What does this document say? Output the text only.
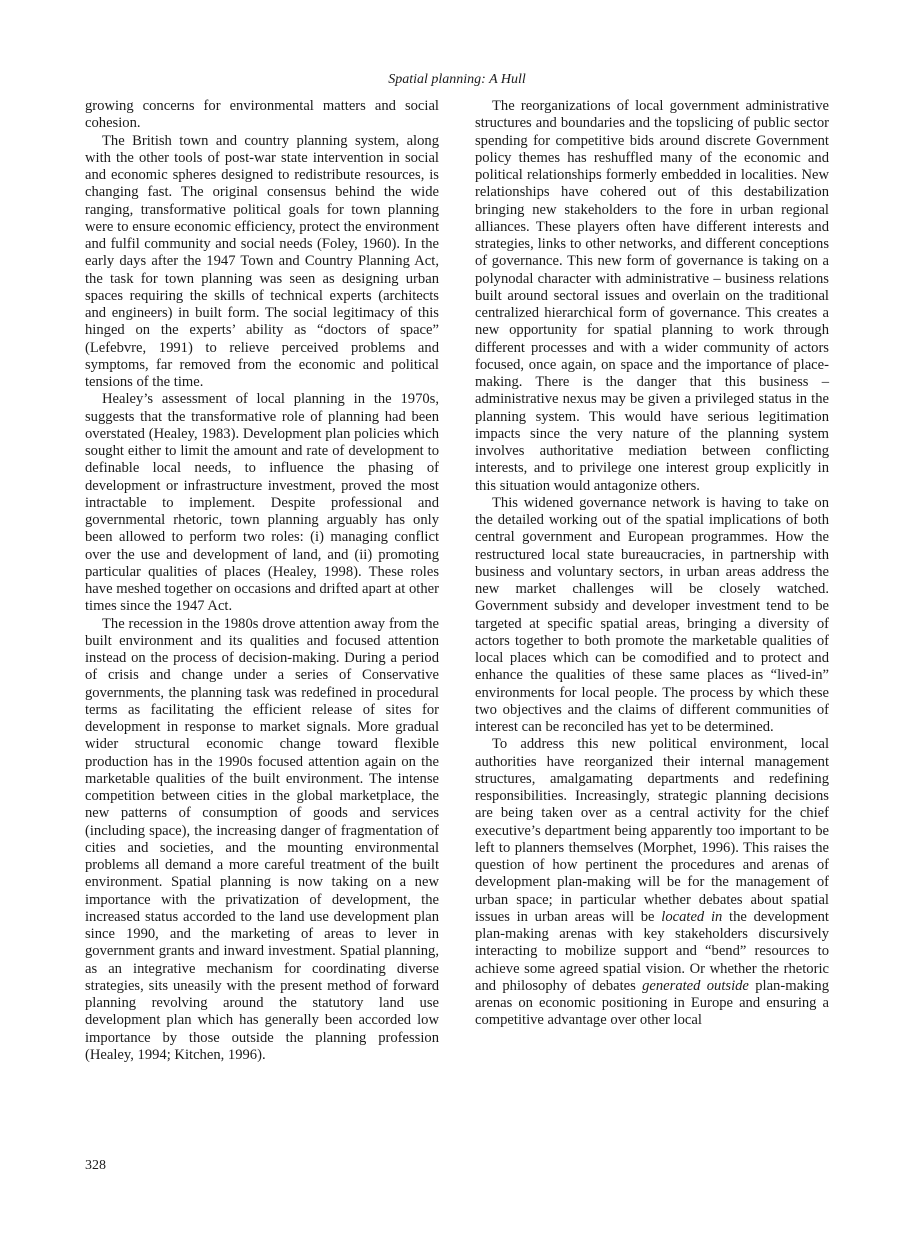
Spatial planning: A Hull

growing concerns for environmental matters and social cohesion.

The British town and country planning system, along with the other tools of post-war state intervention in social and economic spheres designed to redistribute resources, is changing fast. The original consensus behind the wide ranging, transformative political goals for town planning were to ensure economic efficiency, protect the environment and fulfil community and social needs (Foley, 1960). In the early days after the 1947 Town and Country Planning Act, the task for town planning was seen as designing urban spaces requiring the skills of technical experts (architects and engineers) in built form. The social legitimacy of this hinged on the experts’ ability as “doctors of space” (Lefebvre, 1991) to relieve perceived problems and symptoms, far removed from the economic and political tensions of the time.

Healey’s assessment of local planning in the 1970s, suggests that the transformative role of planning had been overstated (Healey, 1983). Development plan policies which sought either to limit the amount and rate of development to definable local needs, to influence the phasing of development or infrastructure investment, proved the most intractable to implement. Despite professional and governmental rhetoric, town planning arguably has only been allowed to perform two roles: (i) managing conflict over the use and development of land, and (ii) promoting particular qualities of places (Healey, 1998). These roles have meshed together on occasions and drifted apart at other times since the 1947 Act.

The recession in the 1980s drove attention away from the built environment and its qualities and focused attention instead on the process of decision-making. During a period of crisis and change under a series of Conservative governments, the planning task was redefined in procedural terms as facilitating the efficient release of sites for development in response to market signals. More gradual wider structural economic change toward flexible production has in the 1990s focused attention again on the marketable qualities of the built environment. The intense competition between cities in the global marketplace, the new patterns of consumption of goods and services (including space), the increasing danger of fragmentation of cities and societies, and the mounting environmental problems all demand a more careful treatment of the built environment. Spatial planning is now taking on a new importance with the privatization of development, the increased status accorded to the land use development plan since 1990, and the marketing of areas to lever in government grants and inward investment. Spatial planning, as an integrative mechanism for coordinating diverse strategies, sits uneasily with the present method of forward planning revolving around the statutory land use development plan which has generally been accorded low importance by those outside the planning profession (Healey, 1994; Kitchen, 1996).

The reorganizations of local government administrative structures and boundaries and the topslicing of public sector spending for competitive bids around discrete Government policy themes has reshuffled many of the economic and political relationships formerly embedded in localities. New relationships have cohered out of this destabilization bringing new stakeholders to the fore in urban regional alliances. These players often have different interests and strategies, links to other networks, and different conceptions of governance. This new form of governance is taking on a polynodal character with administrative – business relations built around sectoral issues and overlain on the traditional centralized hierarchical form of governance. This creates a new opportunity for spatial planning to work through different processes and with a wider community of actors focused, once again, on space and the importance of place-making. There is the danger that this business – administrative nexus may be given a privileged status in the planning system. This would have serious legitimation impacts since the very nature of the planning system involves authoritative mediation between conflicting interests, and to privilege one interest group explicitly in this situation would antagonize others.

This widened governance network is having to take on the detailed working out of the spatial implications of both central government and European programmes. How the restructured local state bureaucracies, in partnership with business and voluntary sectors, in urban areas address the new market challenges will be closely watched. Government subsidy and developer investment tend to be targeted at specific spatial areas, bringing a diversity of actors together to both promote the marketable qualities of local places which can be comodified and to protect and enhance the qualities of these same places as “lived-in” environments for local people. The process by which these two objectives and the claims of different communities of interest can be reconciled has yet to be determined.

To address this new political environment, local authorities have reorganized their internal management structures, amalgamating departments and redefining responsibilities. Increasingly, strategic planning decisions are being taken over as a central activity for the chief executive’s department being apparently too important to be left to planners themselves (Morphet, 1996). This raises the question of how pertinent the procedures and arenas of development plan-making will be for the management of urban space; in particular whether debates about spatial issues in urban areas will be located in the development plan-making arenas with key stakeholders discursively interacting to mobilize support and “bend” resources to achieve some agreed spatial vision. Or whether the rhetoric and philosophy of debates generated outside plan-making arenas on economic positioning in Europe and ensuring a competitive advantage over other local

328
